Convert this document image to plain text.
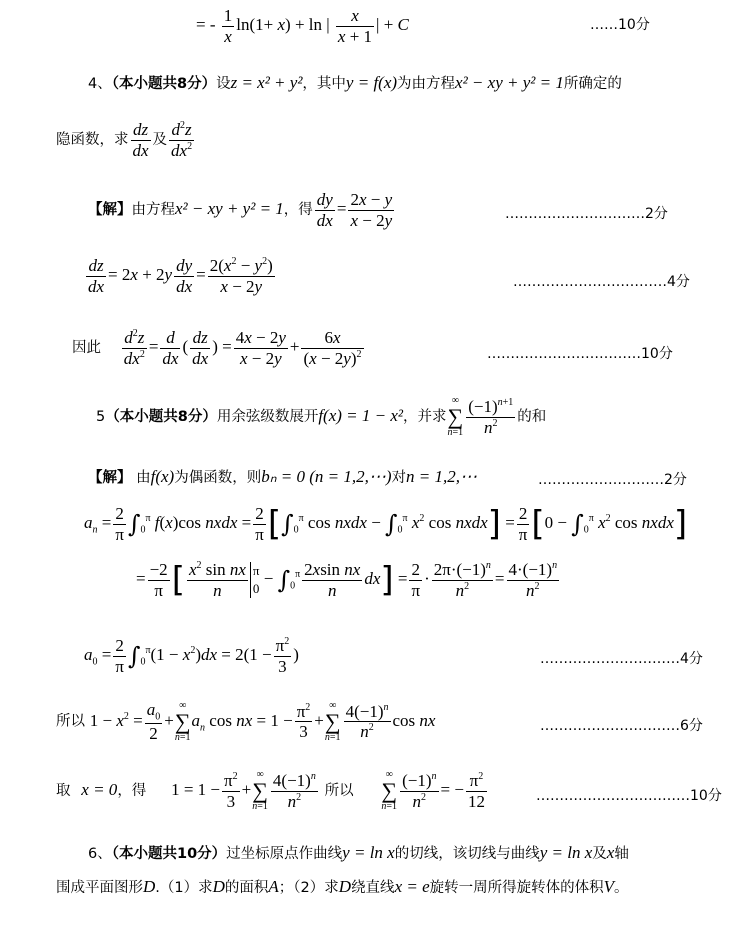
= - $\frac{1}{x} \ln(1+ x) + \ln$ | $\frac{x}{x + 1}$ | + C	……10分
4、（本小题共8分）设z = x² + y²，其中y = f(x)为由方程x² − xy + y² = 1所确定的
隐函数，求 $\frac{dz}{dx}$ 及 $\frac{d^2z}{dx^2}$
【解】由方程x² − xy + y² = 1，得 $\frac{dy}{dx} = \frac{2x - y}{x - 2y}$	…………………………2分
$\frac{dz}{dx} = 2x + 2y \frac{dy}{dx} = \frac{2(x^2 - y^2)}{x - 2y}$	……………………………4分
因此 $\frac{d^2z}{dx^2} = \frac{d}{dx}$ ( $\frac{dz}{dx}$ ) = $\frac{4x - 2y}{x - 2y} + \frac{6x}{(x - 2y)^2}$	……………………………10分
5（本小题共8分）用余弦级数展开f(x) = 1 − x²，并求∞
∑
$n=1 \frac{(-1)^{n+1}}{n^2}$ 的和
【解】 由f(x)为偶函数，则bₙ = 0 (n = 1,2,⋯)对n = 1,2,⋯	………………………2分
$a_n = \frac{2}{\pi} \int_0^\pi$ f(x)cos nxdx = $\frac{2}{\pi} [\int_0^\pi$ cos nxdx − $\int_0^\pi$ $x^2$ cos nxdx] = $\frac{2}{\pi} [0 - \int_0^\pi$ $x^2$ cos nxdx]
= $\frac{-2}{\pi}$ [ $\frac{x^2 \sin nx}{n}$ π
$0 - \int_0^\pi \frac{\text{2xsin nx}}{n} dx] = \frac{2}{\pi} \cdot \frac{2\pi\cdot(-1)^n}{n^2} = \frac{4\cdot(-1)^n}{n^2}$
$a_0 = \frac{2}{\pi} \int_0^\pi(1 - x^2)dx = 2(1 - \frac{\pi^2}{3}$ )	…………………………4分
所以 $1 - x^2 = \frac{a_0}{2}$ +∞
∑
$n=1a_n$ cos nx = $1 - \frac{\pi^2}{3}$ +∞
∑
$n=1 \frac{4(-1)^n}{n^2}$ cos nx	…………………………6分
取 x = 0，得 $1 = 1 - \frac{\pi^2}{3}$ +∞
∑
$n=1 \frac{4(-1)^n}{n^2}$ 所以 ∞
∑
$n=1 \frac{(-1)^n}{n^2}$ = − $\frac{\pi^2}{12}$	……………………………10分
6、（本小题共10分）过坐标原点作曲线y = ln x的切线，该切线与曲线y = ln x及x轴
围成平面图形D.（1）求D的面积A；（2）求D绕直线x = e旋转一周所得旋转体的体积V。
